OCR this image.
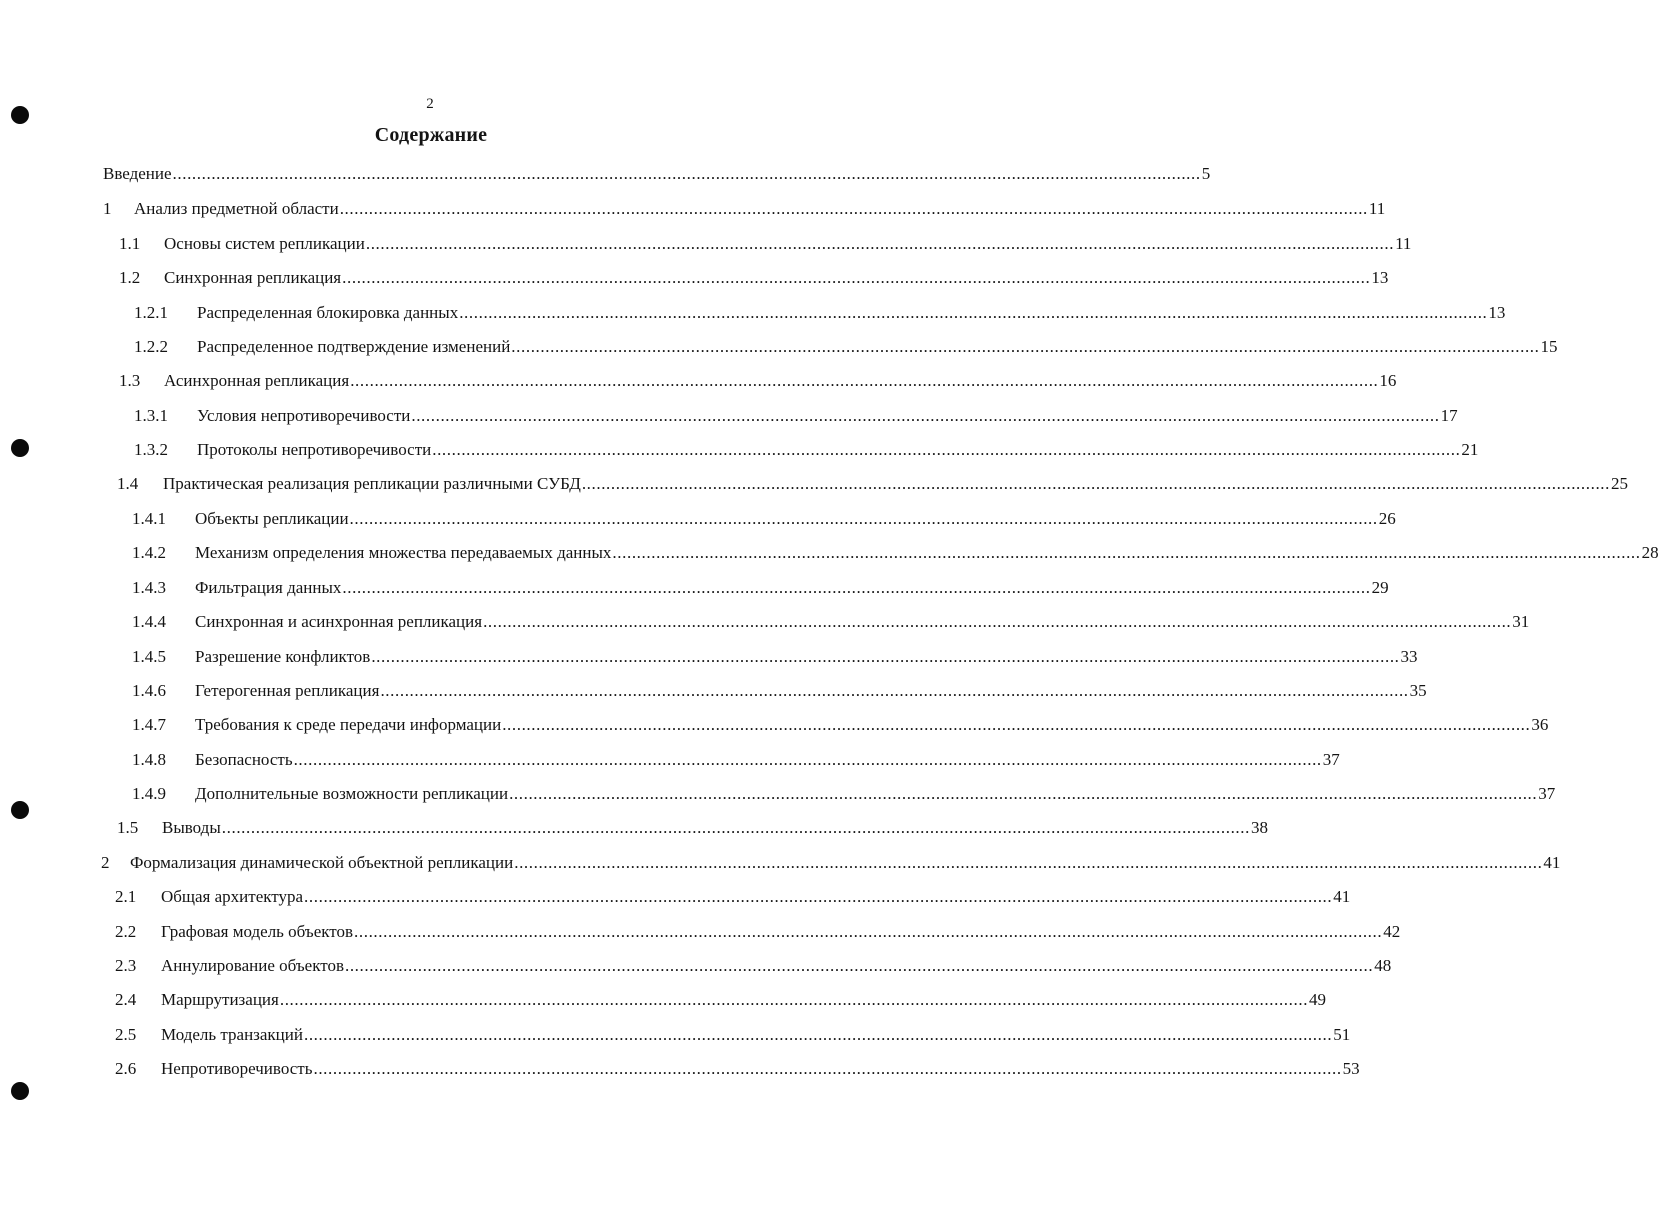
2
Содержание
Введение .....	5
1	Анализ предметной области .....	11
1.1	Основы систем репликации .....	11
1.2	Синхронная репликация .....	13
1.2.1	Распределенная блокировка данных .....	13
1.2.2	Распределенное подтверждение изменений .....	15
1.3	Асинхронная репликация .....	16
1.3.1	Условия непротиворечивости .....	17
1.3.2	Протоколы непротиворечивости .....	21
1.4	Практическая реализация репликации различными СУБД .....	25
1.4.1	Объекты репликации .....	26
1.4.2	Механизм определения множества передаваемых данных .....	28
1.4.3	Фильтрация данных .....	29
1.4.4	Синхронная и асинхронная репликация .....	31
1.4.5	Разрешение конфликтов .....	33
1.4.6	Гетерогенная репликация .....	35
1.4.7	Требования к среде передачи информации .....	36
1.4.8	Безопасность .....	37
1.4.9	Дополнительные возможности репликации .....	37
1.5	Выводы .....	38
2	Формализация динамической объектной репликации .....	41
2.1	Общая архитектура .....	41
2.2	Графовая модель объектов .....	42
2.3	Аннулирование объектов .....	48
2.4	Маршрутизация .....	49
2.5	Модель транзакций .....	51
2.6	Непротиворечивость .....	53
